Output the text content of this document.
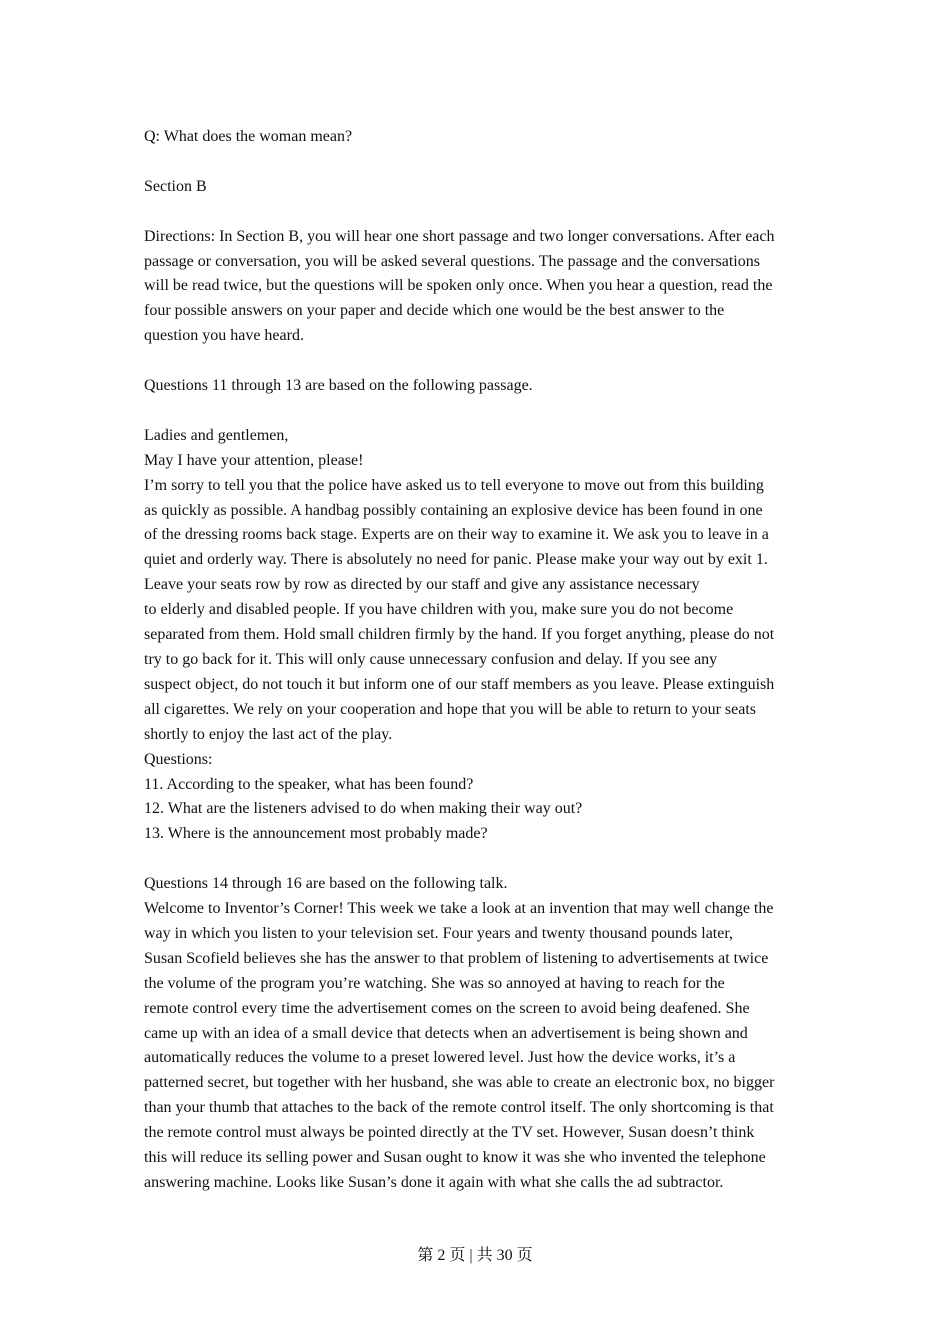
Q: What does the woman mean?
Section B
Directions: In Section B, you will hear one short passage and two longer conversations. After each
passage or conversation, you will be asked several questions. The passage and the conversations
will be read twice, but the questions will be spoken only once. When you hear a question, read the
four possible answers on your paper and decide which one would be the best answer to the
question you have heard.
Questions 11 through 13 are based on the following passage.
Ladies and gentlemen,
May I have your attention, please!
I’m sorry to tell you that the police have asked us to tell everyone to move out from this building
as quickly as possible. A handbag possibly containing an explosive device has been found in one
of the dressing rooms back stage. Experts are on their way to examine it. We ask you to leave in a
quiet and orderly way. There is absolutely no need for panic. Please make your way out by exit 1.
Leave your seats row by row as directed by our staff and give any assistance necessary
to elderly and disabled people. If you have children with you, make sure you do not become
separated from them. Hold small children firmly by the hand. If you forget anything, please do not
try to go back for it. This will only cause unnecessary confusion and delay. If you see any
suspect object, do not touch it but inform one of our staff members as you leave. Please extinguish
all cigarettes. We rely on your cooperation and hope that you will be able to return to your seats
shortly to enjoy the last act of the play.
Questions:
11. According to the speaker, what has been found?
12. What are the listeners advised to do when making their way out?
13. Where is the announcement most probably made?
Questions 14 through 16 are based on the following talk.
Welcome to Inventor’s Corner! This week we take a look at an invention that may well change the
way in which you listen to your television set. Four years and twenty thousand pounds later,
Susan Scofield believes she has the answer to that problem of listening to advertisements at twice
the volume of the program you’re watching. She was so annoyed at having to reach for the
remote control every time the advertisement comes on the screen to avoid being deafened. She
came up with an idea of a small device that detects when an advertisement is being shown and
automatically reduces the volume to a preset lowered level. Just how the device works, it’s a
patterned secret, but together with her husband, she was able to create an electronic box, no bigger
than your thumb that attaches to the back of the remote control itself. The only shortcoming is that
the remote control must always be pointed directly at the TV set. However, Susan doesn’t think
this will reduce its selling power and Susan ought to know it was she who invented the telephone
answering machine. Looks like Susan’s done it again with what she calls the ad subtractor.
第 2 页 | 共 30 页
